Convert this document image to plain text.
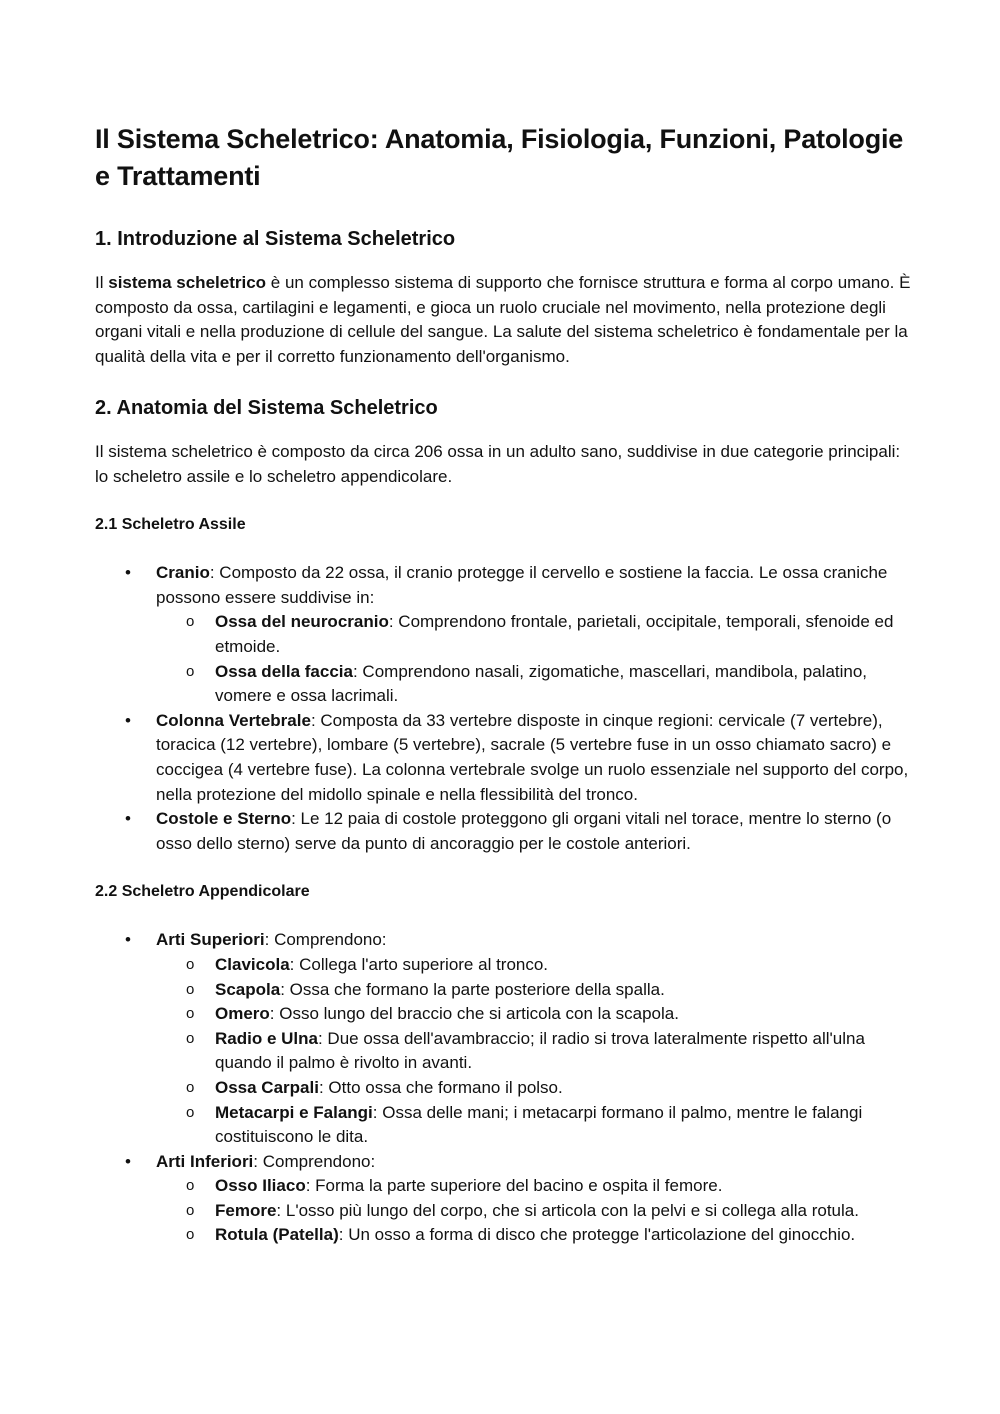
Il Sistema Scheletrico: Anatomia, Fisiologia, Funzioni, Patologie e Trattamenti
1. Introduzione al Sistema Scheletrico

Il sistema scheletrico è un complesso sistema di supporto che fornisce struttura e forma al corpo umano. È composto da ossa, cartilagini e legamenti, e gioca un ruolo cruciale nel movimento, nella protezione degli organi vitali e nella produzione di cellule del sangue. La salute del sistema scheletrico è fondamentale per la qualità della vita e per il corretto funzionamento dell'organismo.

2. Anatomia del Sistema Scheletrico

Il sistema scheletrico è composto da circa 206 ossa in un adulto sano, suddivise in due categorie principali: lo scheletro assile e lo scheletro appendicolare.

2.1 Scheletro Assile
• Cranio: Composto da 22 ossa, il cranio protegge il cervello e sostiene la faccia. Le ossa craniche possono essere suddivise in:
o Ossa del neurocranio: Comprendono frontale, parietali, occipitale, temporali, sfenoide ed etmoide.
o Ossa della faccia: Comprendono nasali, zigomatiche, mascellari, mandibola, palatino, vomere e ossa lacrimali.
• Colonna Vertebrale: Composta da 33 vertebre disposte in cinque regioni: cervicale (7 vertebre), toracica (12 vertebre), lombare (5 vertebre), sacrale (5 vertebre fuse in un osso chiamato sacro) e coccigea (4 vertebre fuse). La colonna vertebrale svolge un ruolo essenziale nel supporto del corpo, nella protezione del midollo spinale e nella flessibilità del tronco.
• Costole e Sterno: Le 12 paia di costole proteggono gli organi vitali nel torace, mentre lo sterno (o osso dello sterno) serve da punto di ancoraggio per le costole anteriori.
2.2 Scheletro Appendicolare
• Arti Superiori: Comprendono:
o Clavicola: Collega l'arto superiore al tronco.
o Scapola: Ossa che formano la parte posteriore della spalla.
o Omero: Osso lungo del braccio che si articola con la scapola.
o Radio e Ulna: Due ossa dell'avambraccio; il radio si trova lateralmente rispetto all'ulna quando il palmo è rivolto in avanti.
o Ossa Carpali: Otto ossa che formano il polso.
o Metacarpi e Falangi: Ossa delle mani; i metacarpi formano il palmo, mentre le falangi costituiscono le dita.
• Arti Inferiori: Comprendono:
o Osso Iliaco: Forma la parte superiore del bacino e ospita il femore.
o Femore: L'osso più lungo del corpo, che si articola con la pelvi e si collega alla rotula.
o Rotula (Patella): Un osso a forma di disco che protegge l'articolazione del ginocchio.
